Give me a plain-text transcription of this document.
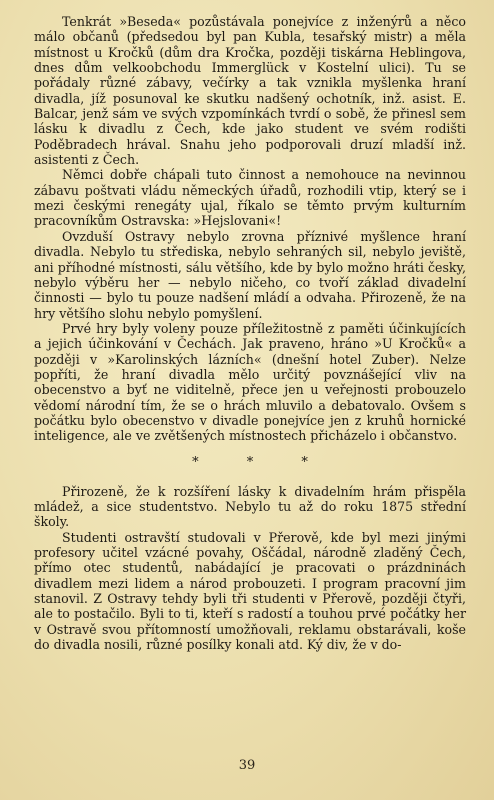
Tenkrát »Beseda« pozůstávala ponejvíce z inženýrů a něco málo občanů (předsedou byl pan Kubla, tesařský mistr) a měla místnost u Kročků (dům dra Kročka, později tiskárna Heblingova, dnes dům velkoobchodu Immerglück v Kostelní ulici). Tu se pořádaly různé zábavy, večírky a tak vznikla myšlenka hraní divadla, jíž posunoval ke skutku nadšený ochotník, inž. asist. E. Balcar, jenž sám ve svých vzpomínkách tvrdí o sobě, že přinesl sem lásku k divadlu z Čech, kde jako student ve svém rodišti Poděbradech hrával. Snahu jeho podporovali druzí mladší inž. asistenti z Čech.

Němci dobře chápali tuto činnost a nemohouce na nevinnou zábavu poštvati vládu německých úřadů, rozhodili vtip, který se i mezi českými renegáty ujal, říkalo se těmto prvým kulturním pracovníkům Ostravska: »Hejslovani«!

Ovzduší Ostravy nebylo zrovna příznivé myšlence hraní divadla. Nebylo tu střediska, nebylo sehraných sil, nebylo jeviště, ani příhodné místnosti, sálu většího, kde by bylo možno hráti česky, nebylo výběru her — nebylo ničeho, co tvoří základ divadelní činnosti — bylo tu pouze nadšení mládí a odvaha. Přirozeně, že na hry většího slohu nebylo pomyšlení.

Prvé hry byly voleny pouze příležitostně z paměti účinkujících a jejich účinkování v Čechách. Jak praveno, hráno »U Kročků« a později v »Karolinských lázních« (dnešní hotel Zuber). Nelze popříti, že hraní divadla mělo určitý povznášející vliv na obecenstvo a byť ne viditelně, přece jen u veřejnosti probouzelo vědomí národní tím, že se o hrách mluvilo a debatovalo. Ovšem s počátku bylo obecenstvo v divadle ponejvíce jen z kruhů hornické inteligence, ale ve zvětšených místnostech přicházelo i občanstvo.

* * *

Přirozeně, že k rozšíření lásky k divadelním hrám přispěla mládež, a sice studentstvo. Nebylo tu až do roku 1875 střední školy.

Studenti ostravští studovali v Přerově, kde byl mezi jinými profesory učitel vzácné povahy, Oščádal, národně zladěný Čech, přímo otec studentů, nabádající je pracovati o prázdninách divadlem mezi lidem a národ probouzeti. I program pracovní jim stanovil. Z Ostravy tehdy byli tři studenti v Přerově, později čtyři, ale to postačilo. Byli to ti, kteří s radostí a touhou prvé počátky her v Ostravě svou přítomností umožňovali, reklamu obstarávali, koše do divadla nosili, různé posílky konali atd. Ký div, že v do-

39
